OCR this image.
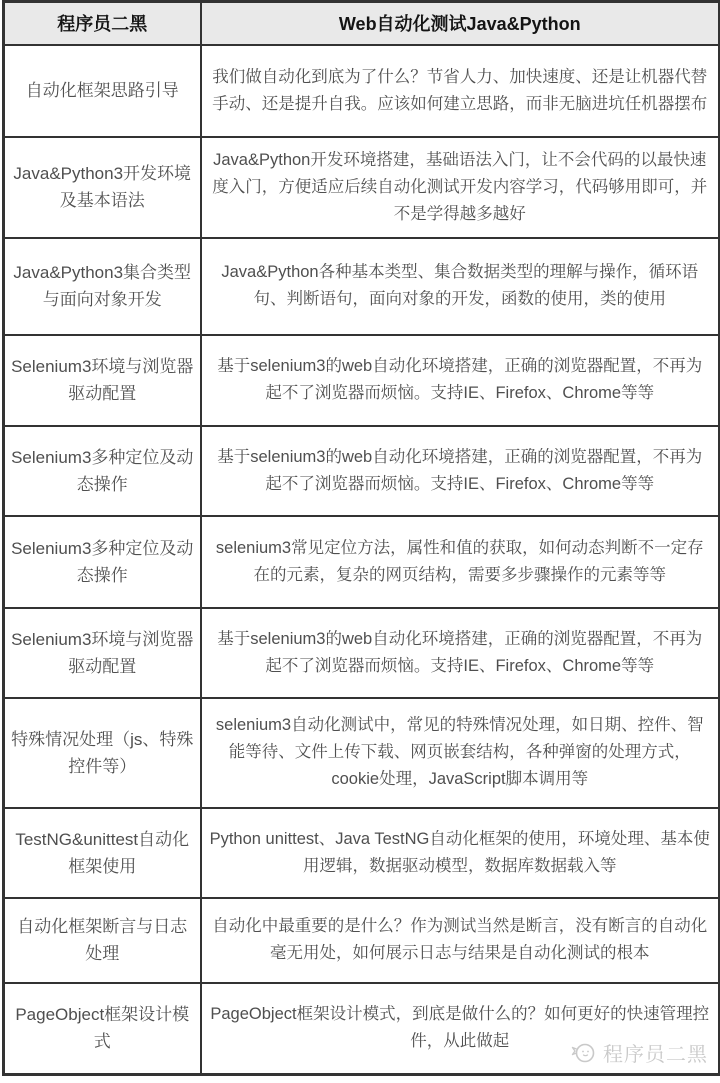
程序员二黑	Web自动化测试Java&Python
自动化框架思路引导	我们做自动化到底为了什么？节省人力、加快速度、还是让机器代替手动、还是提升自我。应该如何建立思路，而非无脑进坑任机器摆布
Java&Python3开发环境及基本语法	Java&Python开发环境搭建，基础语法入门，让不会代码的以最快速度入门，方便适应后续自动化测试开发内容学习，代码够用即可，并不是学得越多越好
Java&Python3集合类型与面向对象开发	Java&Python各种基本类型、集合数据类型的理解与操作，循环语句、判断语句，面向对象的开发，函数的使用，类的使用
Selenium3环境与浏览器驱动配置	基于selenium3的web自动化环境搭建，正确的浏览器配置，不再为起不了浏览器而烦恼。支持IE、Firefox、Chrome等等
Selenium3多种定位及动态操作	基于selenium3的web自动化环境搭建，正确的浏览器配置，不再为起不了浏览器而烦恼。支持IE、Firefox、Chrome等等
Selenium3多种定位及动态操作	selenium3常见定位方法，属性和值的获取，如何动态判断不一定存在的元素，复杂的网页结构，需要多步骤操作的元素等等
Selenium3环境与浏览器驱动配置	基于selenium3的web自动化环境搭建，正确的浏览器配置，不再为起不了浏览器而烦恼。支持IE、Firefox、Chrome等等
特殊情况处理（js、特殊控件等）	selenium3自动化测试中，常见的特殊情况处理，如日期、控件、智能等待、文件上传下载、网页嵌套结构，各种弹窗的处理方式，cookie处理，JavaScript脚本调用等
TestNG&unittest自动化框架使用	Python unittest、Java TestNG自动化框架的使用，环境处理、基本使用逻辑，数据驱动模型，数据库数据载入等
自动化框架断言与日志处理	自动化中最重要的是什么？作为测试当然是断言，没有断言的自动化毫无用处，如何展示日志与结果是自动化测试的根本
PageObject框架设计模式	PageObject框架设计模式，到底是做什么的？如何更好的快速管理控件，从此做起
程序员二黑
